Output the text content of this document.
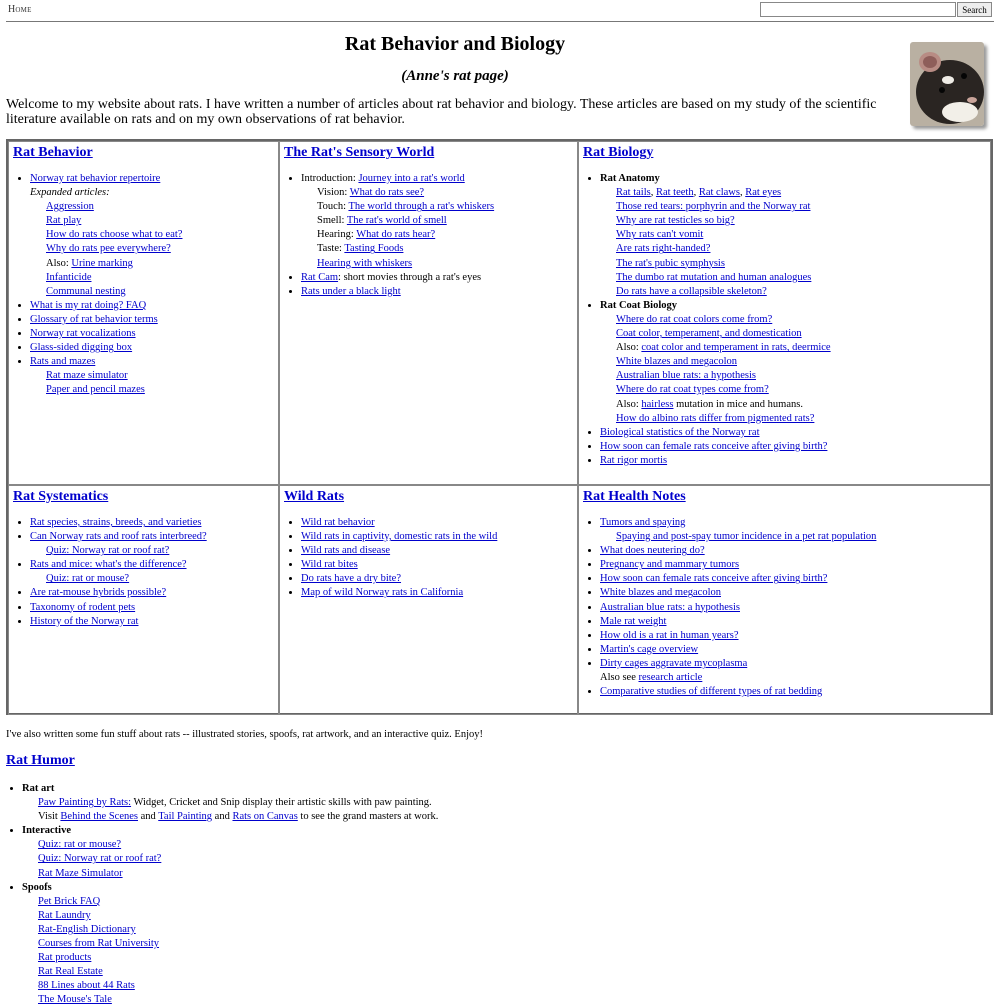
Home	Search
Rat Behavior and Biology
(Anne's rat page)

Welcome to my website about rats. I have written a number of articles about rat behavior and biology. These articles are based on my study of the scientific literature available on rats and on my own observations of rat behavior.

Rat Behavior
• Norway rat behavior repertoire
Expanded articles:
Aggression
Rat play
How do rats choose what to eat?
Why do rats pee everywhere?
Also: Urine marking
Infanticide
Communal nesting
• What is my rat doing? FAQ
• Glossary of rat behavior terms
• Norway rat vocalizations
• Glass-sided digging box
• Rats and mazes
Rat maze simulator
Paper and pencil mazes
The Rat's Sensory World
• Introduction: Journey into a rat's world
Vision: What do rats see?
Touch: The world through a rat's whiskers
Smell: The rat's world of smell
Hearing: What do rats hear?
Taste: Tasting Foods
Hearing with whiskers
• Rat Cam: short movies through a rat's eyes
• Rats under a black light
Rat Biology
• Rat Anatomy
Rat tails, Rat teeth, Rat claws, Rat eyes
Those red tears: porphyrin and the Norway rat
Why are rat testicles so big?
Why rats can't vomit
Are rats right-handed?
The rat's pubic symphysis
The dumbo rat mutation and human analogues
Do rats have a collapsible skeleton?
• Rat Coat Biology
Where do rat coat colors come from?
Coat color, temperament, and domestication
Also: coat color and temperament in rats, deermice
White blazes and megacolon
Australian blue rats: a hypothesis
Where do rat coat types come from?
Also: hairless mutation in mice and humans.
How do albino rats differ from pigmented rats?
• Biological statistics of the Norway rat
• How soon can female rats conceive after giving birth?
• Rat rigor mortis
Rat Systematics
• Rat species, strains, breeds, and varieties
• Can Norway rats and roof rats interbreed?
Quiz: Norway rat or roof rat?
• Rats and mice: what's the difference?
Quiz: rat or mouse?
• Are rat-mouse hybrids possible?
• Taxonomy of rodent pets
• History of the Norway rat
Wild Rats
• Wild rat behavior
• Wild rats in captivity, domestic rats in the wild
• Wild rats and disease
• Wild rat bites
• Do rats have a dry bite?
• Map of wild Norway rats in California
Rat Health Notes
• Tumors and spaying
Spaying and post-spay tumor incidence in a pet rat population
• What does neutering do?
• Pregnancy and mammary tumors
• How soon can female rats conceive after giving birth?
• White blazes and megacolon
• Australian blue rats: a hypothesis
• Male rat weight
• How old is a rat in human years?
• Martin's cage overview
• Dirty cages aggravate mycoplasma
Also see research article
• Comparative studies of different types of rat bedding

I've also written some fun stuff about rats -- illustrated stories, spoofs, rat artwork, and an interactive quiz. Enjoy!

Rat Humor
• Rat art
Paw Painting by Rats: Widget, Cricket and Snip display their artistic skills with paw painting.
Visit Behind the Scenes and Tail Painting and Rats on Canvas to see the grand masters at work.
• Interactive
Quiz: rat or mouse?
Quiz: Norway rat or roof rat?
Rat Maze Simulator
• Spoofs
Pet Brick FAQ
Rat Laundry
Rat-English Dictionary
Courses from Rat University
Rat products
Rat Real Estate
88 Lines about 44 Rats
The Mouse's Tale
